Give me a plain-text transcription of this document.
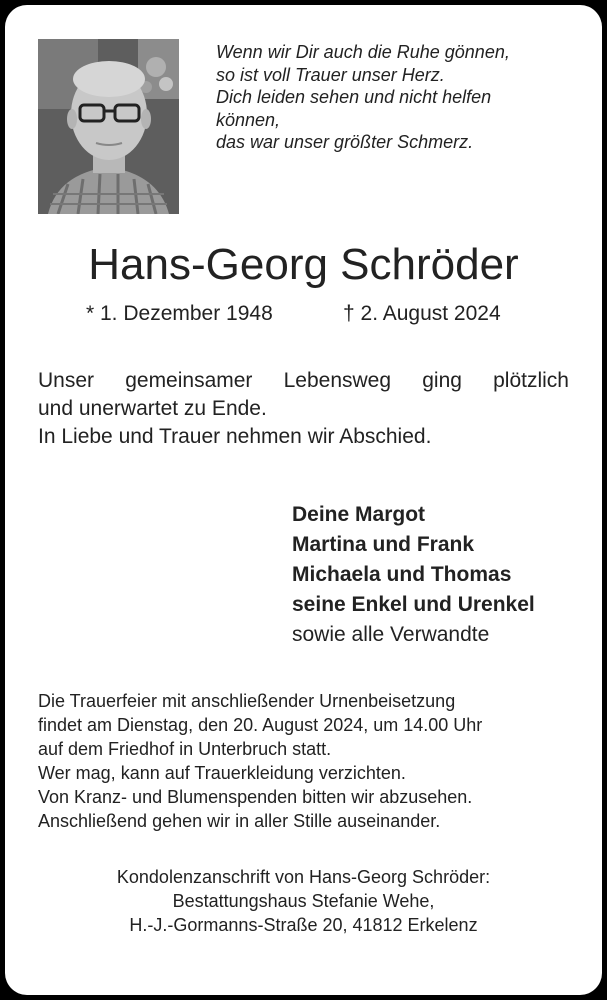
Wenn wir Dir auch die Ruhe gönnen,
so ist voll Trauer unser Herz.
Dich leiden sehen und nicht helfen
können,
das war unser größter Schmerz.
Hans-Georg Schröder
* 1. Dezember 1948	† 2. August 2024
Unser gemeinsamer Lebensweg ging plötzlich
und unerwartet zu Ende.
In Liebe und Trauer nehmen wir Abschied.
Deine Margot
Martina und Frank
Michaela und Thomas
seine Enkel und Urenkel
sowie alle Verwandte
Die Trauerfeier mit anschließender Urnenbeisetzung
findet am Dienstag, den 20. August 2024, um 14.00 Uhr
auf dem Friedhof in Unterbruch statt.
Wer mag, kann auf Trauerkleidung verzichten.
Von Kranz- und Blumenspenden bitten wir abzusehen.
Anschließend gehen wir in aller Stille auseinander.
Kondolenzanschrift von Hans-Georg Schröder:
Bestattungshaus Stefanie Wehe,
H.-J.-Gormanns-Straße 20, 41812 Erkelenz
